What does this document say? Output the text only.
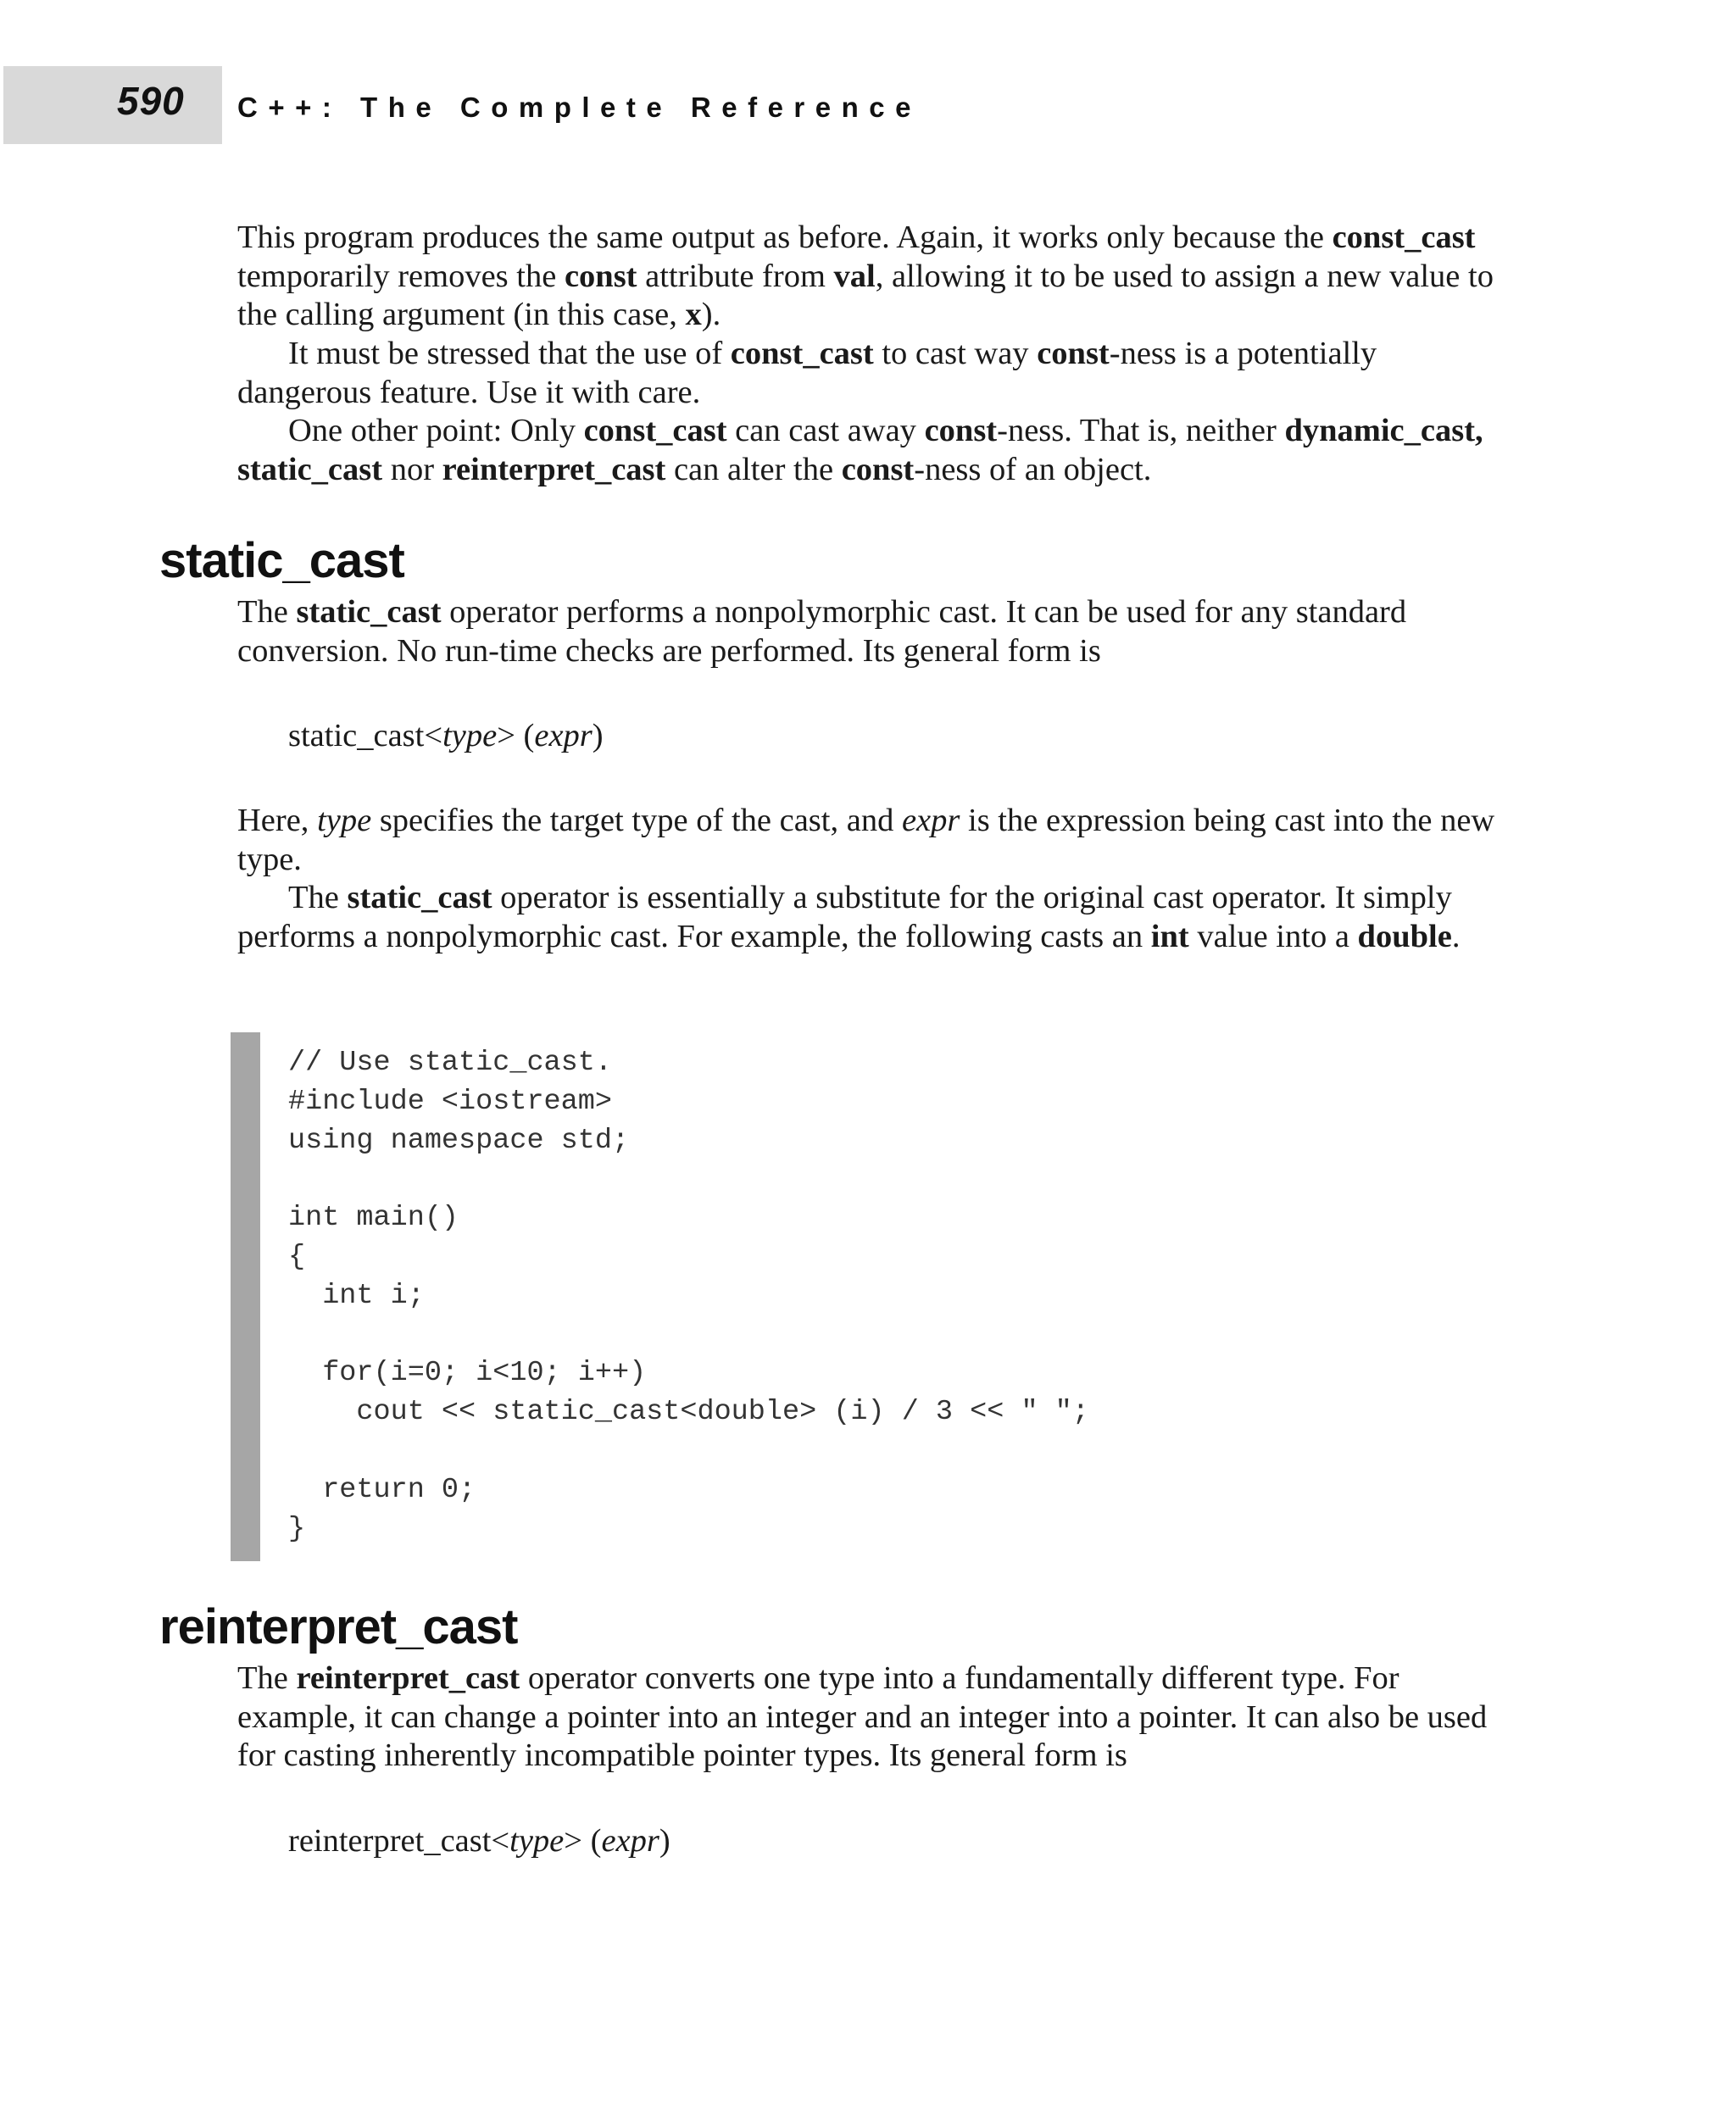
590 C++: The Complete Reference

This program produces the same output as before. Again, it works only because the const_cast temporarily removes the const attribute from val, allowing it to be used to assign a new value to the calling argument (in this case, x).

It must be stressed that the use of const_cast to cast way const-ness is a potentially dangerous feature. Use it with care.

One other point: Only const_cast can cast away const-ness. That is, neither dynamic_cast, static_cast nor reinterpret_cast can alter the const-ness of an object.

static_cast

The static_cast operator performs a nonpolymorphic cast. It can be used for any standard conversion. No run-time checks are performed. Its general form is

static_cast<type> (expr)

Here, type specifies the target type of the cast, and expr is the expression being cast into the new type.

The static_cast operator is essentially a substitute for the original cast operator. It simply performs a nonpolymorphic cast. For example, the following casts an int value into a double.

// Use static_cast.
#include <iostream>
using namespace std;

int main()
{
int i;

for(i=0; i<10; i++)
cout << static_cast<double> (i) / 3 << " ";

return 0;
}
reinterpret_cast

The reinterpret_cast operator converts one type into a fundamentally different type. For example, it can change a pointer into an integer and an integer into a pointer. It can also be used for casting inherently incompatible pointer types. Its general form is

reinterpret_cast<type> (expr)
